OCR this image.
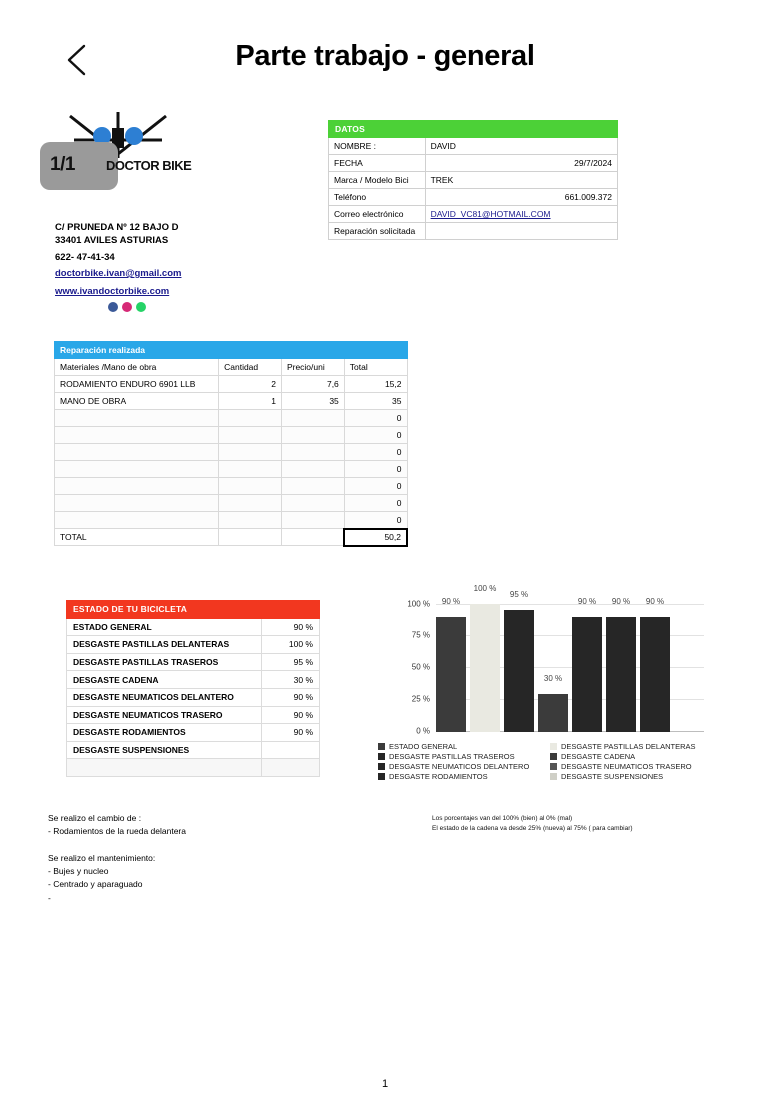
Parte trabajo - general
1/1 DOCTOR BIKE
C/ PRUNEDA Nº 12 BAJO D
33401 AVILES ASTURIAS
622- 47-41-34
doctorbike.ivan@gmail.com
www.ivandoctorbike.com
DATOS	
NOMBRE :	DAVID
FECHA	29/7/2024
Marca / Modelo Bici	TREK
Teléfono	661.009.372
Correo electrónico	DAVID_VC81@HOTMAIL.COM
Reparación solicitada	
Reparación realizada			
Materiales /Mano de obra	Cantidad	Precio/uni	Total
RODAMIENTO ENDURO 6901 LLB	2	7,6	15,2
MANO DE OBRA	1	35	35
			0
			0
			0
			0
			0
			0
			0
TOTAL			50,2
ESTADO DE TU BICICLETA	
ESTADO GENERAL	90 %
DESGASTE PASTILLAS DELANTERAS	100 %
DESGASTE PASTILLAS TRASEROS	95 %
DESGASTE CADENA	30 %
DESGASTE NEUMATICOS DELANTERO	90 %
DESGASTE NEUMATICOS TRASERO	90 %
DESGASTE RODAMIENTOS	90 %
DESGASTE SUSPENSIONES	

100 %
75 %
50 %
25 %
0 %
90 %
100 %
95 %
30 %
90 %	90 %	90 %
ESTADO GENERAL	DESGASTE PASTILLAS DELANTERAS
DESGASTE PASTILLAS TRASEROS	DESGASTE CADENA
DESGASTE NEUMATICOS DELANTERO	DESGASTE NEUMATICOS TRASERO
DESGASTE RODAMIENTOS	DESGASTE SUSPENSIONES
Los porcentajes van del 100% (bien) al 0% (mal)
El estado de la cadena va desde 25% (nueva) al 75% ( para cambiar)
Se realizo el cambio de :
- Rodamientos de la rueda delantera
Se realizo el mantenimiento:
- Bujes y nucleo
- Centrado y aparaguado
-
1
